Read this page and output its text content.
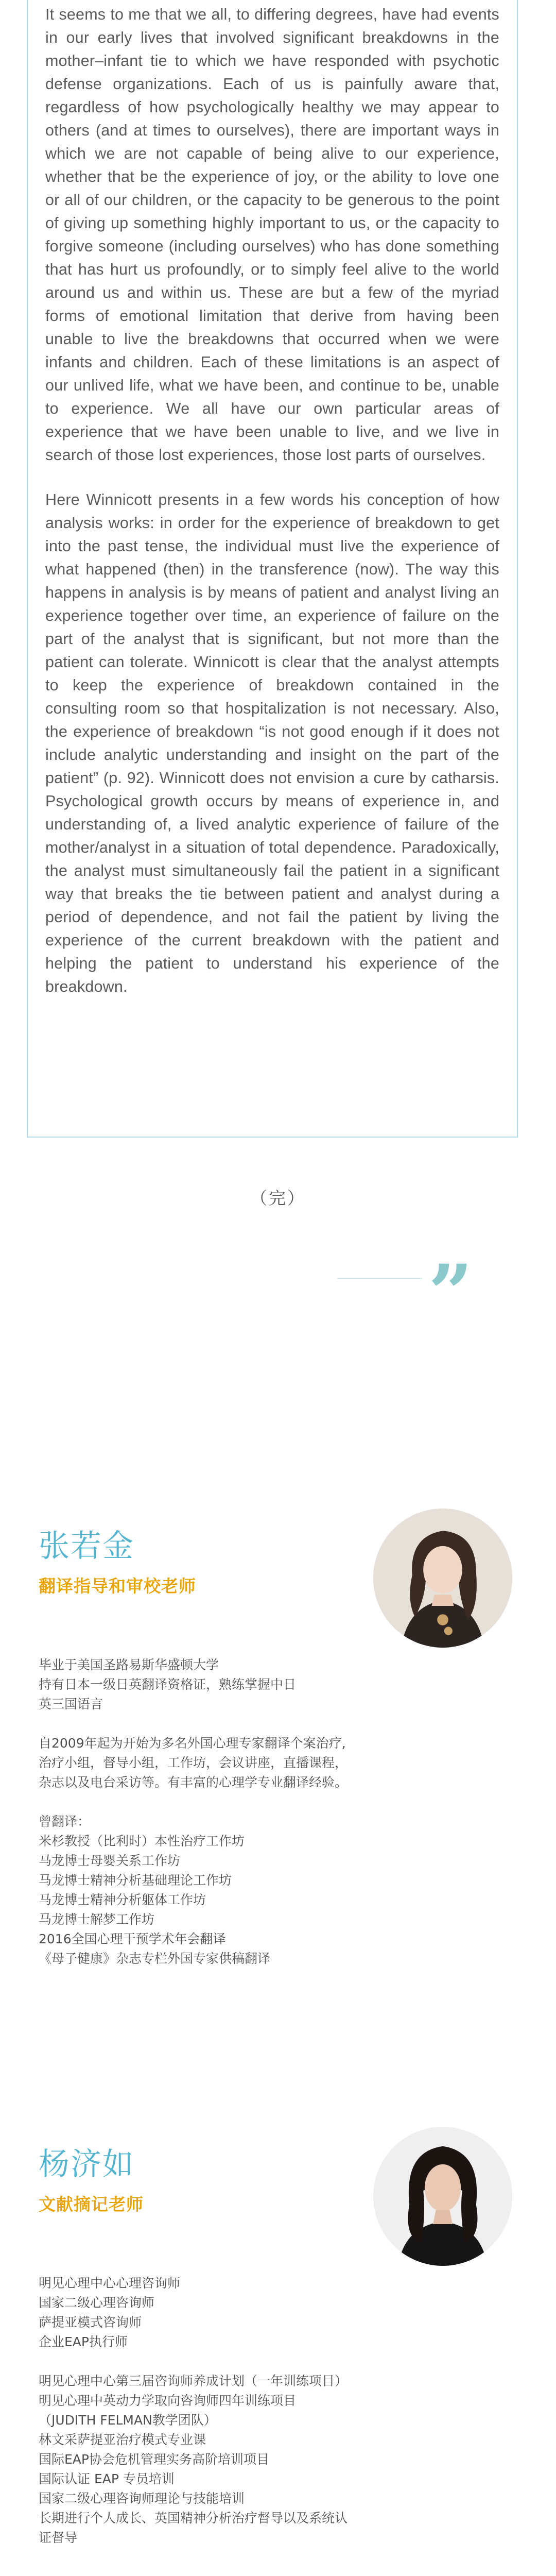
It seems to me that we all, to differing degrees, have had events in our early lives that involved significant breakdowns in the mother–infant tie to which we have responded with psychotic defense organizations. Each of us is painfully aware that, regardless of how psychologically healthy we may appear to others (and at times to ourselves), there are important ways in which we are not capable of being alive to our experience, whether that be the experience of joy, or the ability to love one or all of our children, or the capacity to be generous to the point of giving up something highly important to us, or the capacity to forgive someone (including ourselves) who has done something that has hurt us profoundly, or to simply feel alive to the world around us and within us. These are but a few of the myriad forms of emotional limitation that derive from having been unable to live the breakdowns that occurred when we were infants and children. Each of these limitations is an aspect of our unlived life, what we have been, and continue to be, unable to experience. We all have our own particular areas of experience that we have been unable to live, and we live in search of those lost experiences, those lost parts of ourselves.

Here Winnicott presents in a few words his conception of how analysis works: in order for the experience of breakdown to get into the past tense, the individual must live the experience of what happened (then) in the transference (now). The way this happens in analysis is by means of patient and analyst living an experience together over time, an experience of failure on the part of the analyst that is significant, but not more than the patient can tolerate. Winnicott is clear that the analyst attempts to keep the experience of breakdown contained in the consulting room so that hospitalization is not necessary. Also, the experience of breakdown “is not good enough if it does not include analytic understanding and insight on the part of the patient” (p. 92). Winnicott does not envision a cure by catharsis. Psychological growth occurs by means of experience in, and understanding of, a lived analytic experience of failure of the mother/analyst in a situation of total dependence. Paradoxically, the analyst must simultaneously fail the patient in a significant way that breaks the tie between patient and analyst during a period of dependence, and not fail the patient by living the experience of the current breakdown with the patient and helping the patient to understand his experience of the breakdown.

（完）
”
张若金
翻译指导和审校老师
毕业于美国圣路易斯华盛顿大学
持有日本一级日英翻译资格证，熟练掌握中日
英三国语言
自2009年起为开始为多名外国心理专家翻译个案治疗,
治疗小组，督导小组，工作坊，会议讲座，直播课程，
杂志以及电台采访等。有丰富的心理学专业翻译经验。
曾翻译：
米杉教授（比利时）本性治疗工作坊
马龙博士母婴关系工作坊
马龙博士精神分析基础理论工作坊
马龙博士精神分析躯体工作坊
马龙博士解梦工作坊
2016全国心理干预学术年会翻译
《母子健康》杂志专栏外国专家供稿翻译
杨济如
文献摘记老师
明见心理中心心理咨询师
国家二级心理咨询师
萨提亚模式咨询师
企业EAP执行师
明见心理中心第三届咨询师养成计划（一年训练项目）
明见心理中英动力学取向咨询师四年训练项目
（JUDITH FELMAN教学团队）
林文采萨提亚治疗模式专业课
国际EAP协会危机管理实务高阶培训项目
国际认证 EAP 专员培训
国家二级心理咨询师理论与技能培训
长期进行个人成长、英国精神分析治疗督导以及系统认
证督导
